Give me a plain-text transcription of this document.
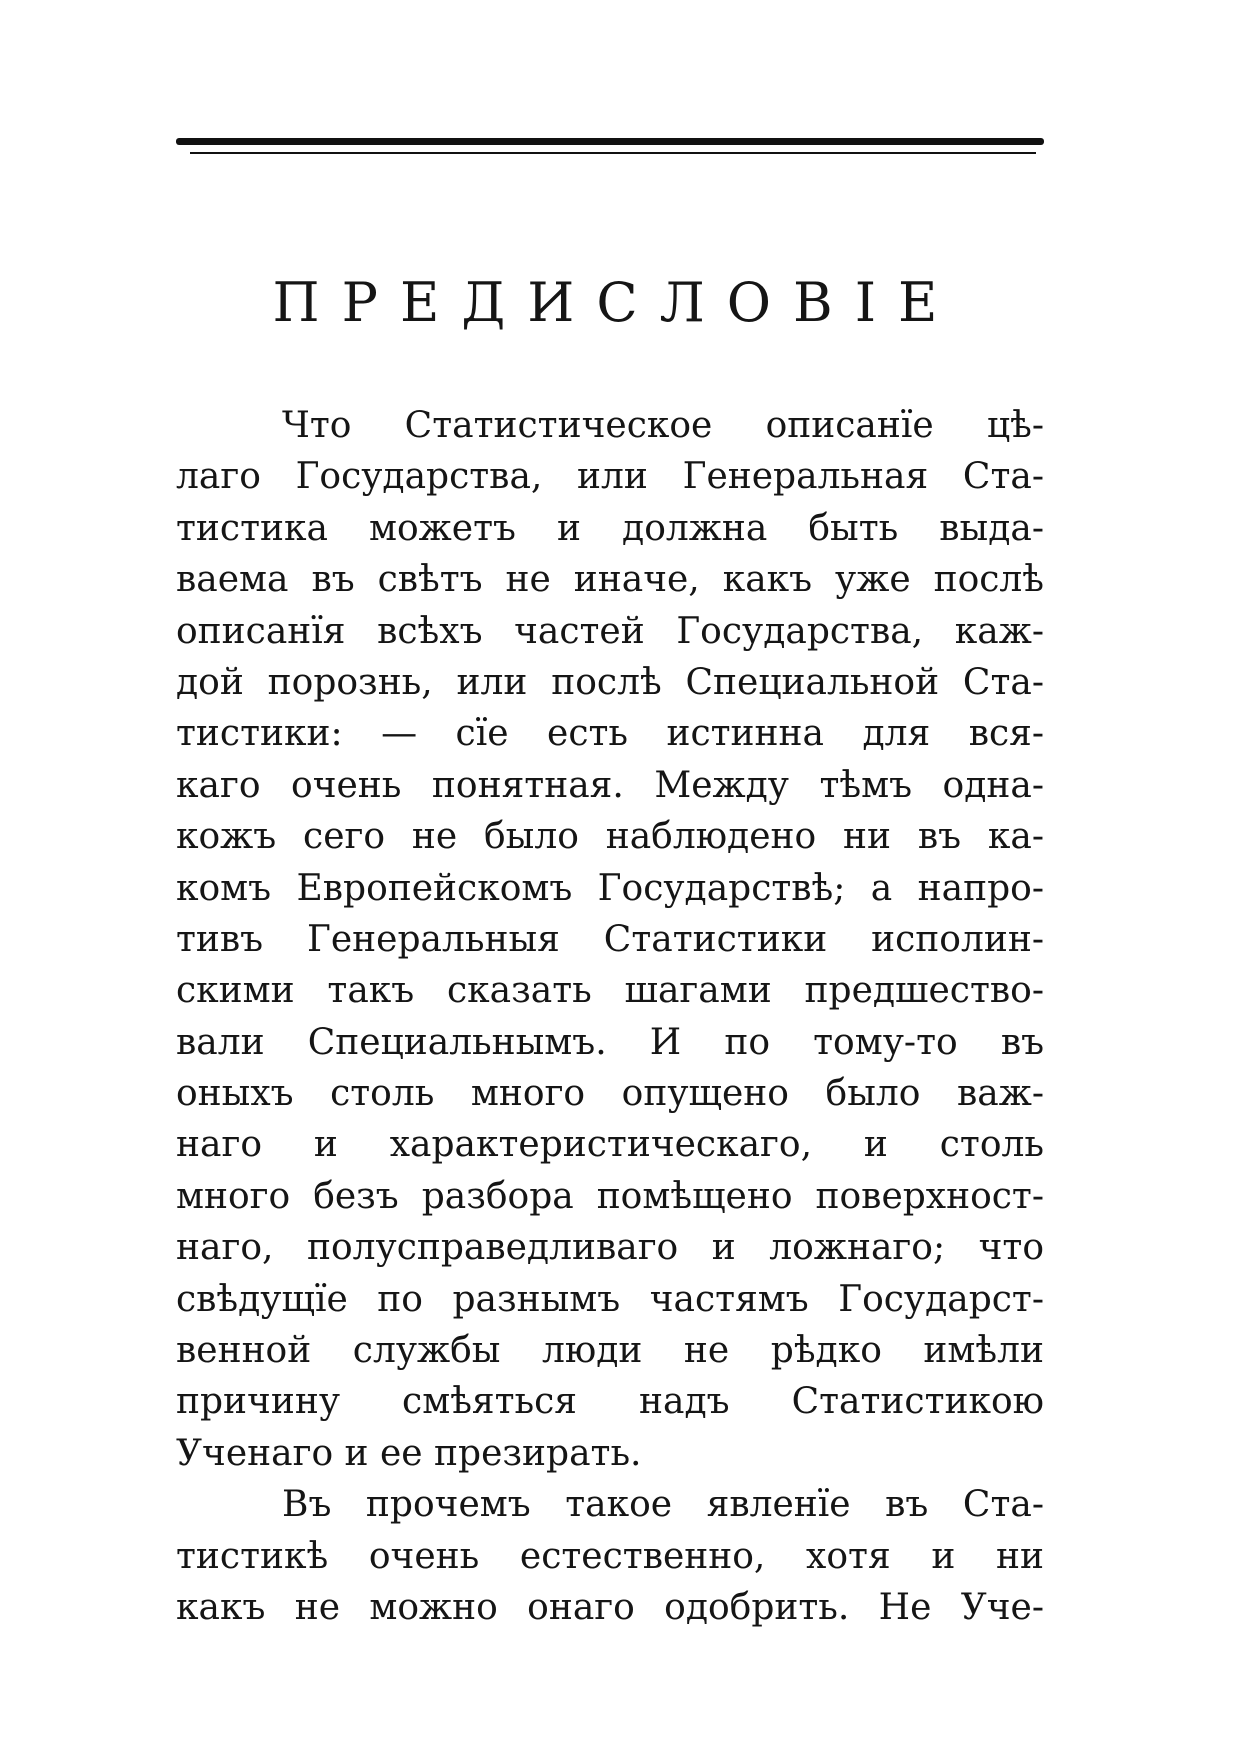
ПРЕДИСЛОВІЕ
Что Статистическое описанїе цѣ-
лаго Государства, или Генеральная Ста-
тистика можетъ и должна быть выда-
ваема въ свѣтъ не иначе, какъ уже послѣ
описанїя всѣхъ частей Государства, каж-
дой порознь, или послѣ Специальной Ста-
тистики: — сїе есть истинна для вся-
каго очень понятная. Между тѣмъ одна-
кожъ сего не было наблюдено ни въ ка-
комъ Европейскомъ Государствѣ; а напро-
тивъ Генеральныя Статистики исполин-
скими такъ сказать шагами предшество-
вали Специальнымъ. И по тому-то въ
оныхъ столь много опущено было важ-
наго и характеристическаго, и столь
много безъ разбора помѣщено поверхност-
наго, полусправедливаго и ложнаго; что
свѣдущїе по разнымъ частямъ Государст-
венной службы люди не рѣдко имѣли
причину смѣяться надъ Статистикою
Ученаго и ее презирать.
Въ прочемъ такое явленїе въ Ста-
тистикѣ очень естественно, хотя и ни
какъ не можно онаго одобрить. Не Уче-
